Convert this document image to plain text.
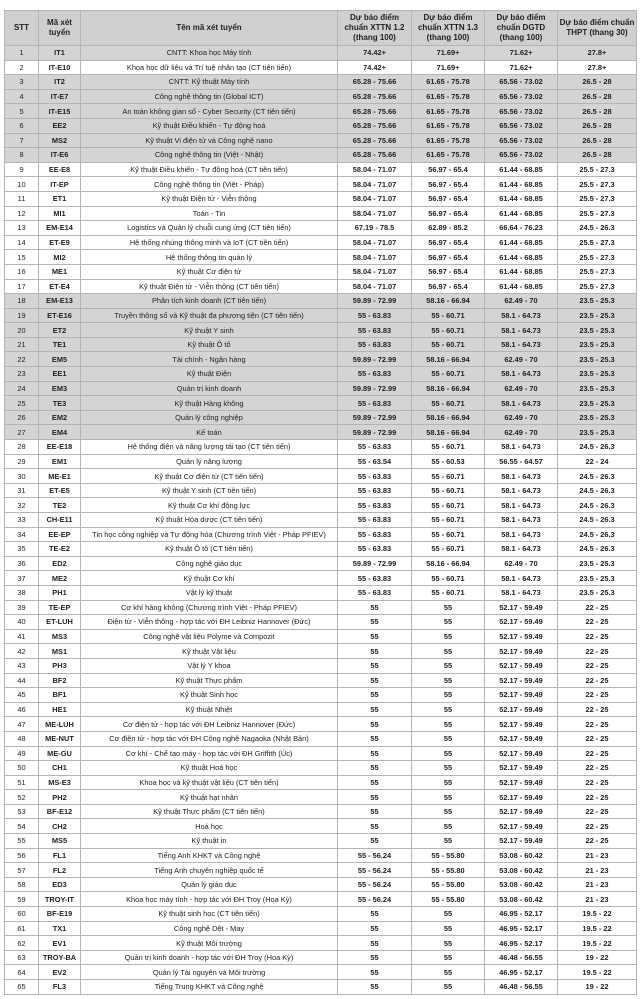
STT	Mã xét tuyển	Tên mã xét tuyển	Dự báo điểm chuẩn XTTN 1.2 (thang 100)	Dự báo điểm chuẩn XTTN 1.3 (thang 100)	Dự báo điểm chuẩn DGTD (thang 100)	Dự báo điểm chuẩn THPT (thang 30)
1	IT1	CNTT: Khoa học Máy tính	74.42+	71.69+	71.62+	27.8+
2	IT-E10	Khoa học dữ liệu và Trí tuệ nhân tạo (CT tiên tiến)	74.42+	71.69+	71.62+	27.8+
3	IT2	CNTT: Kỹ thuật Máy tính	65.28 - 75.66	61.65 - 75.78	65.56 - 73.02	26.5 - 28
4	IT-E7	Công nghệ thông tin (Global ICT)	65.28 - 75.66	61.65 - 75.78	65.56 - 73.02	26.5 - 28
5	IT-E15	An toàn không gian số - Cyber Security (CT tiên tiến)	65.28 - 75.66	61.65 - 75.78	65.56 - 73.02	26.5 - 28
6	EE2	Kỹ thuật Điều khiển - Tự động hoá	65.28 - 75.66	61.65 - 75.78	65.56 - 73.02	26.5 - 28
7	MS2	Kỹ thuật Vi điện tử và Công nghệ nano	65.28 - 75.66	61.65 - 75.78	65.56 - 73.02	26.5 - 28
8	IT-E6	Công nghệ thông tin (Việt - Nhật)	65.28 - 75.66	61.65 - 75.78	65.56 - 73.02	26.5 - 28
9	EE-E8	Kỹ thuật Điều khiển - Tự động hoá (CT tiên tiến)	58.04 - 71.07	56.97 - 65.4	61.44 - 68.85	25.5 - 27.3
10	IT-EP	Công nghệ thông tin (Việt - Pháp)	58.04 - 71.07	56.97 - 65.4	61.44 - 68.85	25.5 - 27.3
11	ET1	Kỹ thuật Điện tử - Viễn thông	58.04 - 71.07	56.97 - 65.4	61.44 - 68.85	25.5 - 27.3
12	MI1	Toán - Tin	58.04 - 71.07	56.97 - 65.4	61.44 - 68.85	25.5 - 27.3
13	EM-E14	Logistics và Quản lý chuỗi cung ứng (CT tiên tiến)	67.19 - 78.5	62.89 - 85.2	66.64 - 76.23	24.5 - 26.3
14	ET-E9	Hệ thống nhúng thông minh và IoT (CT tiên tiến)	58.04 - 71.07	56.97 - 65.4	61.44 - 68.85	25.5 - 27.3
15	MI2	Hệ thống thông tin quản lý	58.04 - 71.07	56.97 - 65.4	61.44 - 68.85	25.5 - 27.3
16	ME1	Kỹ thuật Cơ điện tử	58.04 - 71.07	56.97 - 65.4	61.44 - 68.85	25.5 - 27.3
17	ET-E4	Kỹ thuật Điện tử - Viễn thông (CT tiên tiến)	58.04 - 71.07	56.97 - 65.4	61.44 - 68.85	25.5 - 27.3
18	EM-E13	Phân tích kinh doanh (CT tiên tiến)	59.89 - 72.99	58.16 - 66.94	62.49 - 70	23.5 - 25.3
19	ET-E16	Truyền thông số và Kỹ thuật đa phương tiện (CT tiên tiến)	55 - 63.83	55 - 60.71	58.1 - 64.73	23.5 - 25.3
20	ET2	Kỹ thuật Y sinh	55 - 63.83	55 - 60.71	58.1 - 64.73	23.5 - 25.3
21	TE1	Kỹ thuật Ô tô	55 - 63.83	55 - 60.71	58.1 - 64.73	23.5 - 25.3
22	EM5	Tài chính - Ngân hàng	59.89 - 72.99	58.16 - 66.94	62.49 - 70	23.5 - 25.3
23	EE1	Kỹ thuật Điện	55 - 63.83	55 - 60.71	58.1 - 64.73	23.5 - 25.3
24	EM3	Quản trị kinh doanh	59.89 - 72.99	58.16 - 66.94	62.49 - 70	23.5 - 25.3
25	TE3	Kỹ thuật Hàng không	55 - 63.83	55 - 60.71	58.1 - 64.73	23.5 - 25.3
26	EM2	Quản lý công nghiệp	59.89 - 72.99	58.16 - 66.94	62.49 - 70	23.5 - 25.3
27	EM4	Kế toán	59.89 - 72.99	58.16 - 66.94	62.49 - 70	23.5 - 25.3
28	EE-E18	Hệ thống điện và năng lượng tái tạo (CT tiên tiến)	55 - 63.83	55 - 60.71	58.1 - 64.73	24.5 - 26.3
29	EM1	Quản lý năng lượng	55 - 63.54	55 - 60.53	56.55 - 64.57	22 - 24
30	ME-E1	Kỹ thuật Cơ điện tử (CT tiên tiến)	55 - 63.83	55 - 60.71	58.1 - 64.73	24.5 - 26.3
31	ET-E5	Kỹ thuật Y sinh (CT tiên tiến)	55 - 63.83	55 - 60.71	58.1 - 64.73	24.5 - 26.3
32	TE2	Kỹ thuật Cơ khí động lực	55 - 63.83	55 - 60.71	58.1 - 64.73	24.5 - 26.3
33	CH-E11	Kỹ thuật Hóa dược (CT tiên tiến)	55 - 63.83	55 - 60.71	58.1 - 64.73	24.5 - 26.3
34	EE-EP	Tin học công nghiệp và Tự động hóa (Chương trình Việt - Pháp PFIEV)	55 - 63.83	55 - 60.71	58.1 - 64.73	24.5 - 26.3
35	TE-E2	Kỹ thuật Ô tô (CT tiên tiến)	55 - 63.83	55 - 60.71	58.1 - 64.73	24.5 - 26.3
36	ED2	Công nghệ giáo dục	59.89 - 72.99	58.16 - 66.94	62.49 - 70	23.5 - 25.3
37	ME2	Kỹ thuật Cơ khí	55 - 63.83	55 - 60.71	58.1 - 64.73	23.5 - 25.3
38	PH1	Vật lý kỹ thuật	55 - 63.83	55 - 60.71	58.1 - 64.73	23.5 - 25.3
39	TE-EP	Cơ khí hàng không (Chương trình Việt - Pháp PFIEV)	55	55	52.17 - 59.49	22 - 25
40	ET-LUH	Điện tử - Viễn thông - hợp tác với ĐH Leibniz Hannover (Đức)	55	55	52.17 - 59.49	22 - 25
41	MS3	Công nghệ vật liệu Polyme và Compozit	55	55	52.17 - 59.49	22 - 25
42	MS1	Kỹ thuật Vật liệu	55	55	52.17 - 59.49	22 - 25
43	PH3	Vật lý Y khoa	55	55	52.17 - 59.49	22 - 25
44	BF2	Kỹ thuật Thực phẩm	55	55	52.17 - 59.49	22 - 25
45	BF1	Kỹ thuật Sinh học	55	55	52.17 - 59.49	22 - 25
46	HE1	Kỹ thuật Nhiệt	55	55	52.17 - 59.49	22 - 25
47	ME-LUH	Cơ điện tử - hợp tác với ĐH Leibniz Hannover (Đức)	55	55	52.17 - 59.49	22 - 25
48	ME-NUT	Cơ điện tử - hợp tác với ĐH Công nghệ Nagaoka (Nhật Bản)	55	55	52.17 - 59.49	22 - 25
49	ME-GU	Cơ khí - Chế tạo máy - hợp tác với ĐH Griffith (Úc)	55	55	52.17 - 59.49	22 - 25
50	CH1	Kỹ thuật Hoá học	55	55	52.17 - 59.49	22 - 25
51	MS-E3	Khoa học và kỹ thuật vật liệu (CT tiên tiến)	55	55	52.17 - 59.49	22 - 25
52	PH2	Kỹ thuật hạt nhân	55	55	52.17 - 59.49	22 - 25
53	BF-E12	Kỹ thuật Thực phẩm (CT tiên tiến)	55	55	52.17 - 59.49	22 - 25
54	CH2	Hoá học	55	55	52.17 - 59.49	22 - 25
55	MS5	Kỹ thuật in	55	55	52.17 - 59.49	22 - 25
56	FL1	Tiếng Anh KHKT và Công nghệ	55 - 56.24	55 - 55.80	53.08 - 60.42	21 - 23
57	FL2	Tiếng Anh chuyên nghiệp quốc tế	55 - 56.24	55 - 55.80	53.08 - 60.42	21 - 23
58	ED3	Quản lý giáo dục	55 - 56.24	55 - 55.80	53.08 - 60.42	21 - 23
59	TROY-IT	Khoa học máy tính - hợp tác với ĐH Troy (Hoa Kỳ)	55 - 56.24	55 - 55.80	53.08 - 60.42	21 - 23
60	BF-E19	Kỹ thuật sinh học (CT tiên tiến)	55	55	46.95 - 52.17	19.5 - 22
61	TX1	Công nghệ Dệt - May	55	55	46.95 - 52.17	19.5 - 22
62	EV1	Kỹ thuật Môi trường	55	55	46.95 - 52.17	19.5 - 22
63	TROY-BA	Quản trị kinh doanh - hợp tác với ĐH Troy (Hoa Kỳ)	55	55	46.48 - 56.55	19 - 22
64	EV2	Quản lý Tài nguyên và Môi trường	55	55	46.95 - 52.17	19.5 - 22
65	FL3	Tiếng Trung KHKT và Công nghệ	55	55	46.48 - 56.55	19 - 22
